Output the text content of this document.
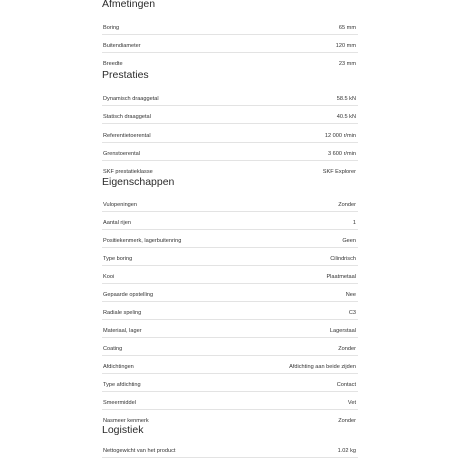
Afmetingen
Boring	65 mm
Buitendiameter	120 mm
Breedte	23 mm
Prestaties
Dynamisch draaggetal	58.5 kN
Statisch draaggetal	40.5 kN
Referentietoerental	12 000 r/min
Grenstoerental	3 600 r/min
SKF prestatieklasse	SKF Explorer
Eigenschappen
Vulopeningen	Zonder
Aantal rijen	1
Positiekenmerk, lagerbuitenring	Geen
Type boring	Cilindrisch
Kooi	Plaatmetaal
Gepaarde opstelling	Nee
Radiale speling	C3
Materiaal, lager	Lagerstaal
Coating	Zonder
Afdichtingen	Afdichting aan beide zijden
Type afdichting	Contact
Smeermiddel	Vet
Nasmeer kenmerk	Zonder
Logistiek
Nettogewicht van het product	1.02 kg
